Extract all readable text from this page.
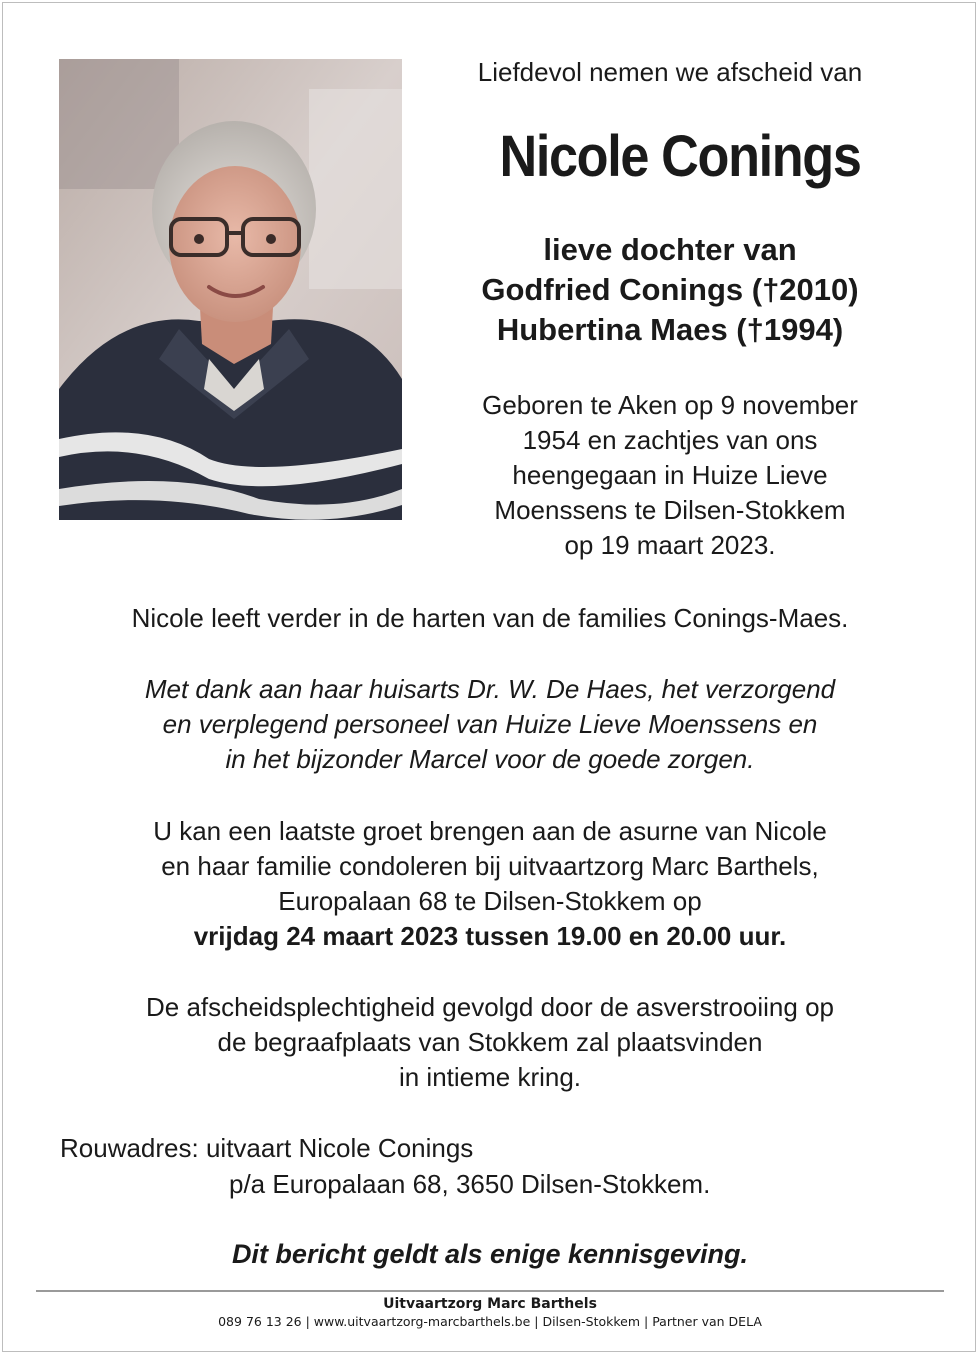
Liefdevol nemen we afscheid van
Nicole Conings
lieve dochter van
Godfried Conings (†2010)
Hubertina Maes (†1994)
Geboren te Aken op 9 november
1954 en zachtjes van ons
heengegaan in Huize Lieve
Moenssens te Dilsen-Stokkem
op 19 maart 2023.
Nicole leeft verder in de harten van de families Conings-Maes.
Met dank aan haar huisarts Dr. W. De Haes, het verzorgend
en verplegend personeel van Huize Lieve Moenssens en
in het bijzonder Marcel voor de goede zorgen.
U kan een laatste groet brengen aan de asurne van Nicole
en haar familie condoleren bij uitvaartzorg Marc Barthels,
Europalaan 68 te Dilsen-Stokkem op
vrijdag 24 maart 2023 tussen 19.00 en 20.00 uur.
De afscheidsplechtigheid gevolgd door de asverstrooiing op
de begraafplaats van Stokkem zal plaatsvinden
in intieme kring.
Rouwadres: uitvaart Nicole Conings
p/a Europalaan 68, 3650 Dilsen-Stokkem.
Dit bericht geldt als enige kennisgeving.
Uitvaartzorg Marc Barthels
089 76 13 26 | www.uitvaartzorg-marcbarthels.be | Dilsen-Stokkem | Partner van DELA
